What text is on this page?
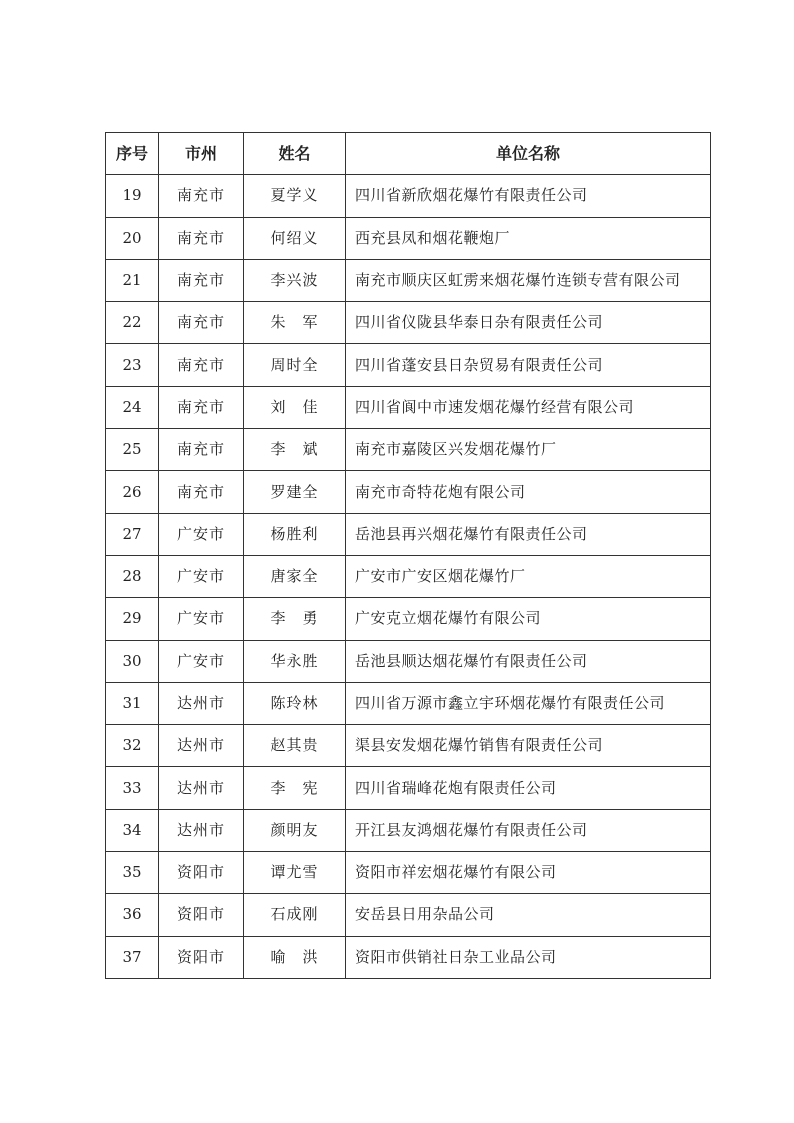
序号	市州	姓名	单位名称
19	南充市	夏学义	四川省新欣烟花爆竹有限责任公司
20	南充市	何绍义	西充县凤和烟花鞭炮厂
21	南充市	李兴波	南充市顺庆区虹雳来烟花爆竹连锁专营有限公司
22	南充市	朱　军	四川省仪陇县华泰日杂有限责任公司
23	南充市	周时全	四川省蓬安县日杂贸易有限责任公司
24	南充市	刘　佳	四川省阆中市速发烟花爆竹经营有限公司
25	南充市	李　斌	南充市嘉陵区兴发烟花爆竹厂
26	南充市	罗建全	南充市奇特花炮有限公司
27	广安市	杨胜利	岳池县再兴烟花爆竹有限责任公司
28	广安市	唐家全	广安市广安区烟花爆竹厂
29	广安市	李　勇	广安克立烟花爆竹有限公司
30	广安市	华永胜	岳池县顺达烟花爆竹有限责任公司
31	达州市	陈玲林	四川省万源市鑫立宇环烟花爆竹有限责任公司
32	达州市	赵其贵	渠县安发烟花爆竹销售有限责任公司
33	达州市	李　宪	四川省瑞峰花炮有限责任公司
34	达州市	颜明友	开江县友鸿烟花爆竹有限责任公司
35	资阳市	谭尤雪	资阳市祥宏烟花爆竹有限公司
36	资阳市	石成刚	安岳县日用杂品公司
37	资阳市	喻　洪	资阳市供销社日杂工业品公司
